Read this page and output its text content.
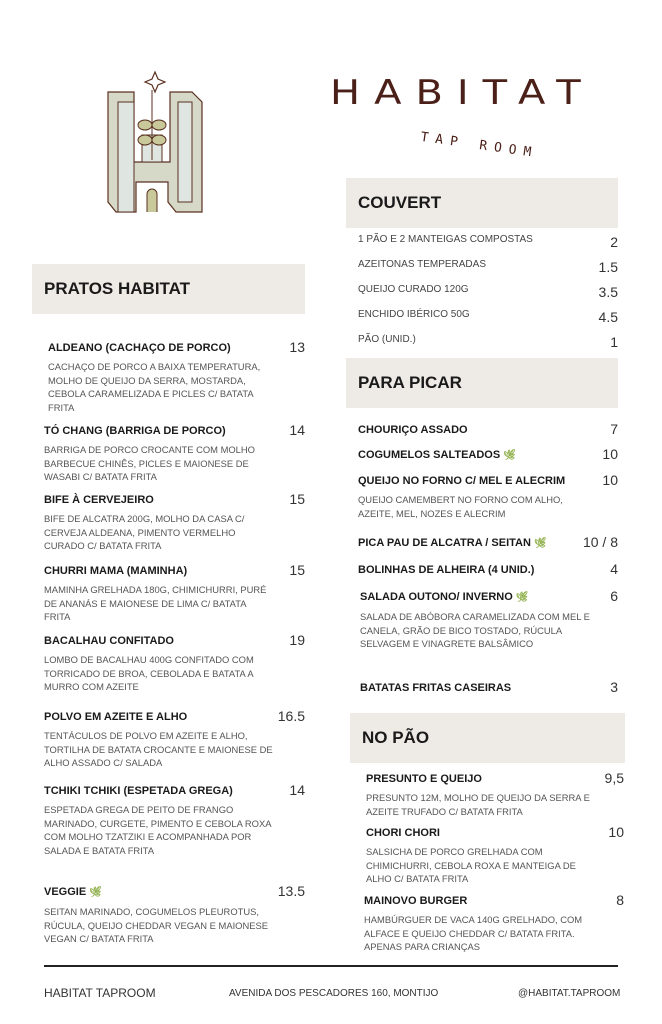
HABITAT
TAP ROOM
COUVERT
PRATOS HABITAT
PARA PICAR
NO PÃO
1 PÃO E 2 MANTEIGAS COMPOSTAS	2
AZEITONAS TEMPERADAS	1.5
QUEIJO CURADO 120G	3.5
ENCHIDO IBÉRICO 50G	4.5
PÃO (UNID.)	1
ALDEANO (CACHAÇO DE PORCO)
CACHAÇO DE PORCO A BAIXA TEMPERATURA, MOLHO DE QUEIJO DA SERRA, MOSTARDA, CEBOLA CARAMELIZADA E PICLES C/ BATATA FRITA
13
TÓ CHANG (BARRIGA DE PORCO)
BARRIGA DE PORCO CROCANTE COM MOLHO BARBECUE CHINÊS, PICLES E MAIONESE DE WASABI C/ BATATA FRITA
14
BIFE À CERVEJEIRO
BIFE DE ALCATRA 200G, MOLHO DA CASA C/ CERVEJA ALDEANA, PIMENTO VERMELHO CURADO C/ BATATA FRITA
15
CHURRI MAMA (MAMINHA)
MAMINHA GRELHADA 180G, CHIMICHURRI, PURÉ DE ANANÁS E MAIONESE DE LIMA C/ BATATA FRITA
15
BACALHAU CONFITADO
LOMBO DE BACALHAU 400G CONFITADO COM TORRICADO DE BROA, CEBOLADA E BATATA A MURRO COM AZEITE
19
POLVO EM AZEITE E ALHO
TENTÁCULOS DE POLVO EM AZEITE E ALHO, TORTILHA DE BATATA CROCANTE E MAIONESE DE ALHO ASSADO C/ SALADA
16.5
TCHIKI TCHIKI (ESPETADA GREGA)
ESPETADA GREGA DE PEITO DE FRANGO MARINADO, CURGETE, PIMENTO E CEBOLA ROXA COM MOLHO TZATZIKI E ACOMPANHADA POR SALADA E BATATA FRITA
14
VEGGIE 🌿︎
SEITAN MARINADO, COGUMELOS PLEUROTUS, RÚCULA, QUEIJO CHEDDAR VEGAN E MAIONESE VEGAN C/ BATATA FRITA
13.5
CHOURIÇO ASSADO	7
COGUMELOS SALTEADOS 🌿︎	10
QUEIJO NO FORNO C/ MEL E ALECRIM
QUEIJO CAMEMBERT NO FORNO COM ALHO, AZEITE, MEL, NOZES E ALECRIM
10
PICA PAU DE ALCATRA / SEITAN 🌿︎	10 / 8
BOLINHAS DE ALHEIRA (4 UNID.)	4
SALADA OUTONO/ INVERNO 🌿︎
SALADA DE ABÓBORA CARAMELIZADA COM MEL E CANELA, GRÃO DE BICO TOSTADO, RÚCULA SELVAGEM E VINAGRETE BALSÂMICO
6
BATATAS FRITAS CASEIRAS	3
PRESUNTO E QUEIJO
PRESUNTO 12M, MOLHO DE QUEIJO DA SERRA E AZEITE TRUFADO C/ BATATA FRITA
9,5
CHORI CHORI
SALSICHA DE PORCO GRELHADA COM CHIMICHURRI, CEBOLA ROXA E MANTEIGA DE ALHO C/ BATATA FRITA
10
MAINOVO BURGER
HAMBÚRGUER DE VACA 140G GRELHADO, COM ALFACE E QUEIJO CHEDDAR C/ BATATA FRITA. APENAS PARA CRIANÇAS
8
HABITAT TAPROOM	AVENIDA DOS PESCADORES 160, MONTIJO	@HABITAT.TAPROOM
